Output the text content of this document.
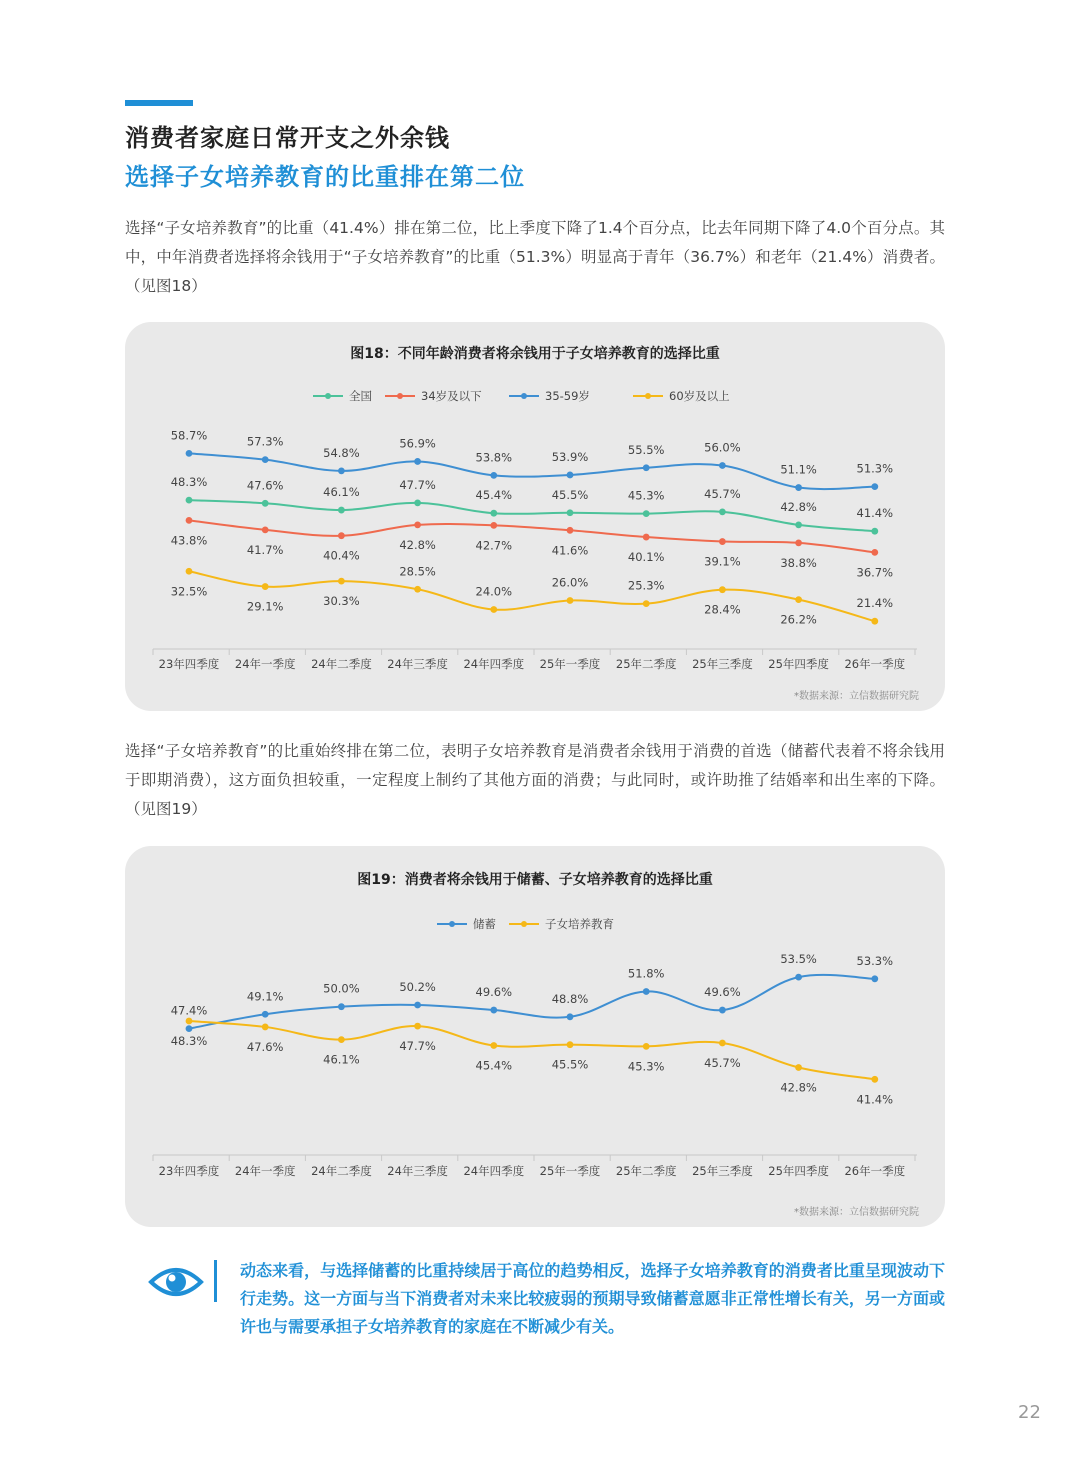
消费者家庭日常开支之外余钱
选择子女培养教育的比重排在第二位
选择“子女培养教育”的比重（41.4%）排在第二位，比上季度下降了1.4个百分点，比去年同期下降了4.0个百分点。其中，中年消费者选择将余钱用于“子女培养教育”的比重（51.3%）明显高于青年（36.7%）和老年（21.4%）消费者。（见图18）
图18：不同年龄消费者将余钱用于子女培养教育的选择比重
全国	34岁及以下	35-59岁	60岁及以上
23年四季度 24年一季度 24年二季度 24年三季度 24年四季度 25年一季度 25年二季度 25年三季度 25年四季度 26年一季度
48.3%	47.6%	46.1%
47.7%
45.4%	45.5%	45.3%	45.7%
42.8%	41.4%
43.8%
41.7%	40.4%
42.8%	42.7%	41.6%	40.1%	39.1%	38.8%
36.7%
58.7%	57.3%
54.8%
56.9%
53.8%	53.9%
55.5%	56.0%
51.1%	51.3%
32.5%
29.1%	30.3%
28.5%
24.0%
26.0%	25.3%
28.4%
26.2%
21.4%
*数据来源：立信数据研究院
选择“子女培养教育”的比重始终排在第二位，表明子女培养教育是消费者余钱用于消费的首选（储蓄代表着不将余钱用于即期消费），这方面负担较重，一定程度上制约了其他方面的消费；与此同时，或许助推了结婚率和出生率的下降。（见图19）
图19：消费者将余钱用于储蓄、子女培养教育的选择比重
储蓄	子女培养教育
23年四季度 24年一季度 24年二季度 24年三季度 24年四季度 25年一季度 25年二季度 25年三季度 25年四季度 26年一季度
47.4%
49.1%
50.0%	50.2%	49.6%	48.8%
51.8%
49.6%
53.5%	53.3%
48.3%	47.6%
46.1%
47.7%
45.4%	45.5%	45.3%	45.7%
42.8%
41.4%
*数据来源：立信数据研究院
动态来看，与选择储蓄的比重持续居于高位的趋势相反，选择子女培养教育的消费者比重呈现波动下行走势。这一方面与当下消费者对未来比较疲弱的预期导致储蓄意愿非正常性增长有关，另一方面或许也与需要承担子女培养教育的家庭在不断减少有关。
22
